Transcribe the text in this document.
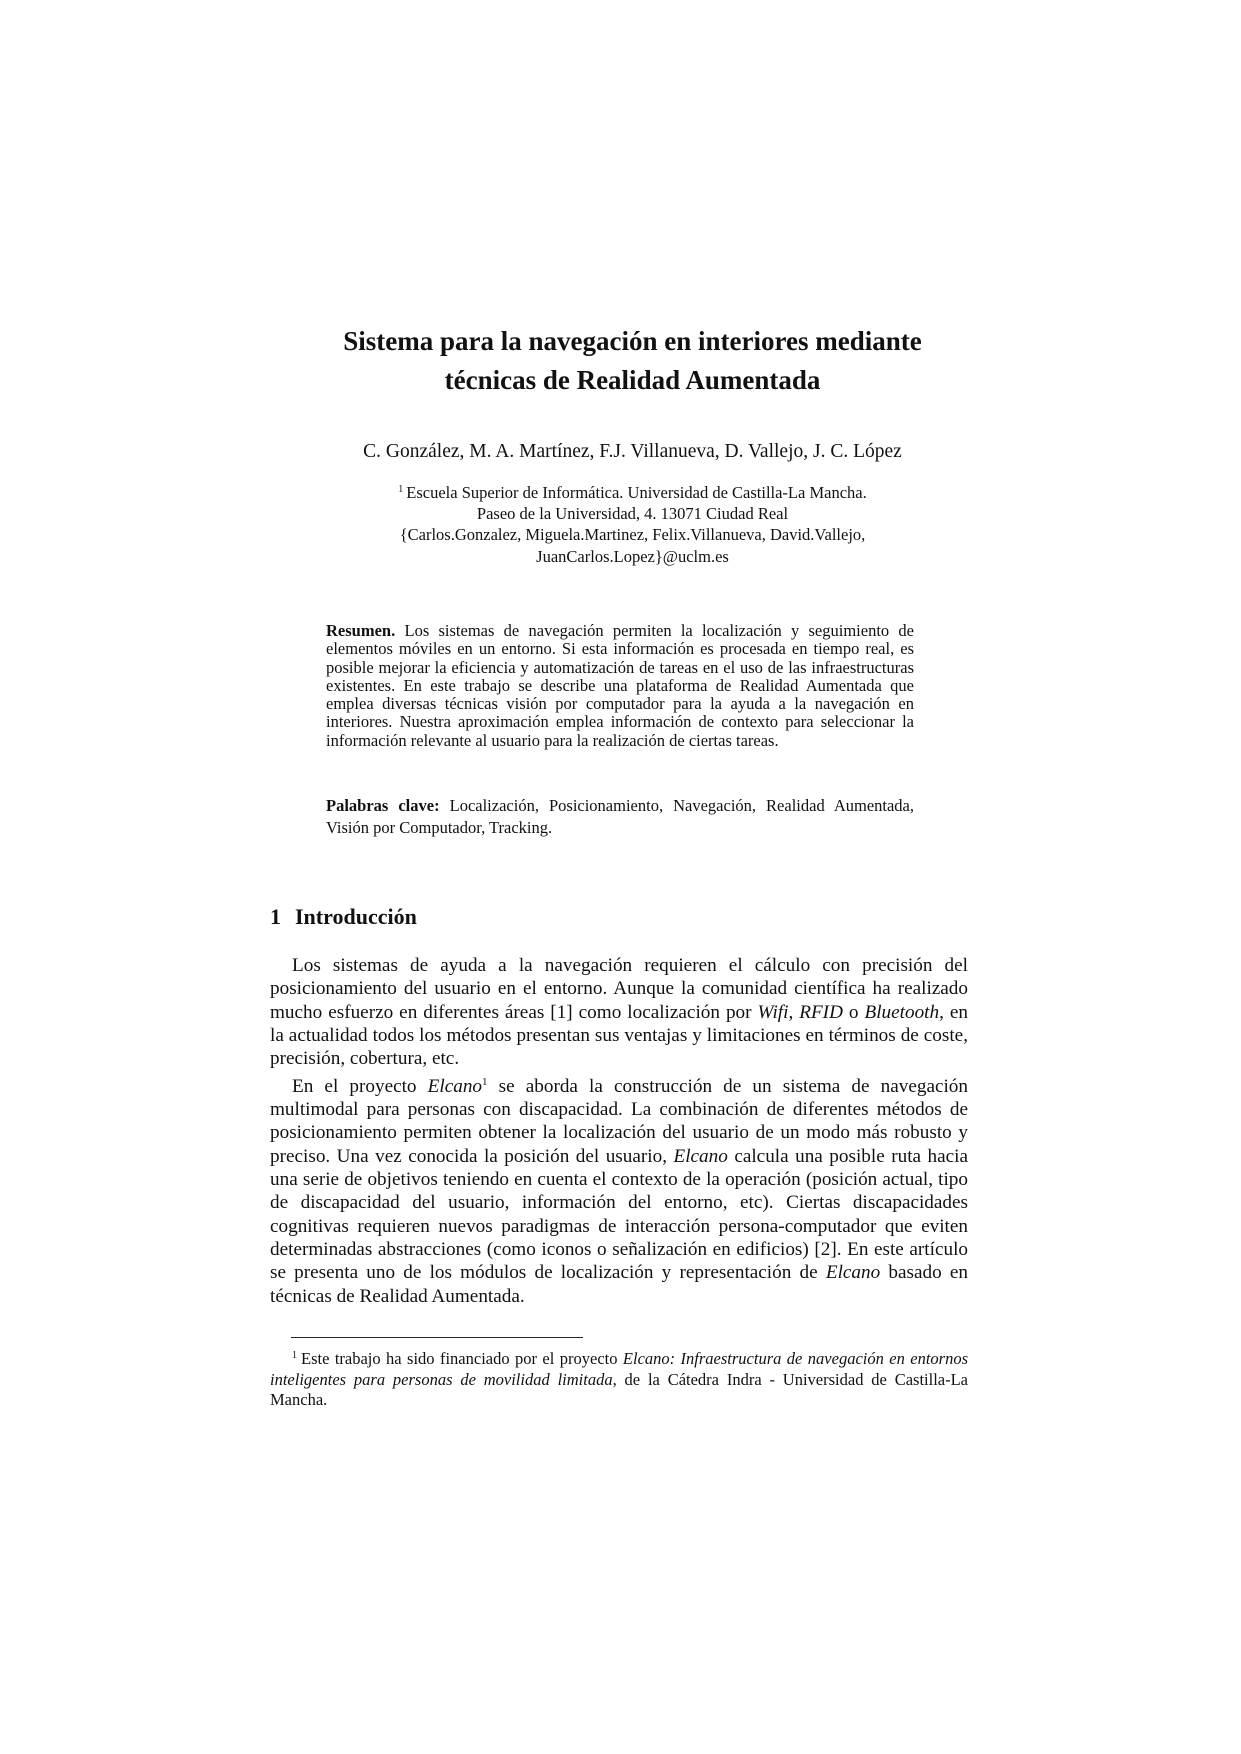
Sistema para la navegación en interiores mediante
técnicas de Realidad Aumentada
C. González, M. A. Martínez, F.J. Villanueva, D. Vallejo, J. C. López
$^1$ Escuela Superior de Informática. Universidad de Castilla-La Mancha.
Paseo de la Universidad, 4. 13071 Ciudad Real
{Carlos.Gonzalez, Miguela.Martinez, Felix.Villanueva, David.Vallejo,
JuanCarlos.Lopez}@uclm.es
Resumen. Los sistemas de navegación permiten la localización y seguimiento de elementos móviles en un entorno. Si esta información es procesada en tiempo real, es posible mejorar la eficiencia y automatización de tareas en el uso de las infraestructuras existentes. En este trabajo se describe una plataforma de Realidad Aumentada que emplea diversas técnicas visión por computador para la ayuda a la navegación en interiores. Nuestra aproximación emplea información de contexto para seleccionar la información relevante al usuario para la realización de ciertas tareas.
Palabras clave: Localización, Posicionamiento, Navegación, Realidad Aumentada, Visión por Computador, Tracking.
1 Introducción

Los sistemas de ayuda a la navegación requieren el cálculo con precisión del posicionamiento del usuario en el entorno. Aunque la comunidad científica ha realizado mucho esfuerzo en diferentes áreas [1] como localización por Wifi, RFID o Bluetooth, en la actualidad todos los métodos presentan sus ventajas y limitaciones en términos de coste, precisión, cobertura, etc.

En el proyecto Elcano$^1$ se aborda la construcción de un sistema de navegación multimodal para personas con discapacidad. La combinación de diferentes métodos de posicionamiento permiten obtener la localización del usuario de un modo más robusto y preciso. Una vez conocida la posición del usuario, Elcano calcula una posible ruta hacia una serie de objetivos teniendo en cuenta el contexto de la operación (posición actual, tipo de discapacidad del usuario, información del entorno, etc). Ciertas discapacidades cognitivas requieren nuevos paradigmas de interacción persona-computador que eviten determinadas abstracciones (como iconos o señalización en edificios) [2]. En este artículo se presenta uno de los módulos de localización y representación de Elcano basado en técnicas de Realidad Aumentada.

$^1$ Este trabajo ha sido financiado por el proyecto Elcano: Infraestructura de navegación en entornos inteligentes para personas de movilidad limitada, de la Cátedra Indra - Universidad de Castilla-La Mancha.
